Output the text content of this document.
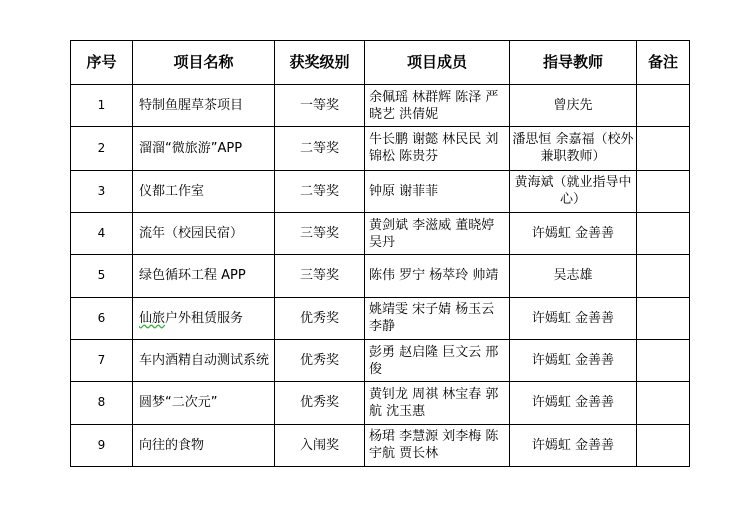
序号	项目名称	获奖级别	项目成员	指导教师	备注
1	特制鱼腥草茶项目	一等奖	余佩瑶 林群辉 陈泽 严晓艺 洪倩妮	曾庆先	
2	溜溜“微旅游”APP	二等奖	牛长鹏 谢懿 林民民 刘锦松 陈贵芬	潘思恒 余嘉福（校外兼职教师）	
3	仪都工作室	二等奖	钟原 谢菲菲	黄海斌（就业指导中心）	
4	流年（校园民宿）	三等奖	黄剑斌 李滋威 董晓婷 吴丹	许嫣虹 金善善	
5	绿色循环工程 APP	三等奖	陈伟 罗宁 杨萃玲 帅靖	吴志雄	
6	仙旅户外租赁服务	优秀奖	姚靖雯 宋子婧 杨玉云 李静	许嫣虹 金善善	
7	车内酒精自动测试系统	优秀奖	彭勇 赵启隆 巨文云 邢俊	许嫣虹 金善善	
8	圆梦“二次元”	优秀奖	黄钊龙 周祺 林宝春 郭航 沈玉惠	许嫣虹 金善善	
9	向往的食物	入闱奖	杨珺 李慧源 刘李梅 陈宇航 贾长林	许嫣虹 金善善	
